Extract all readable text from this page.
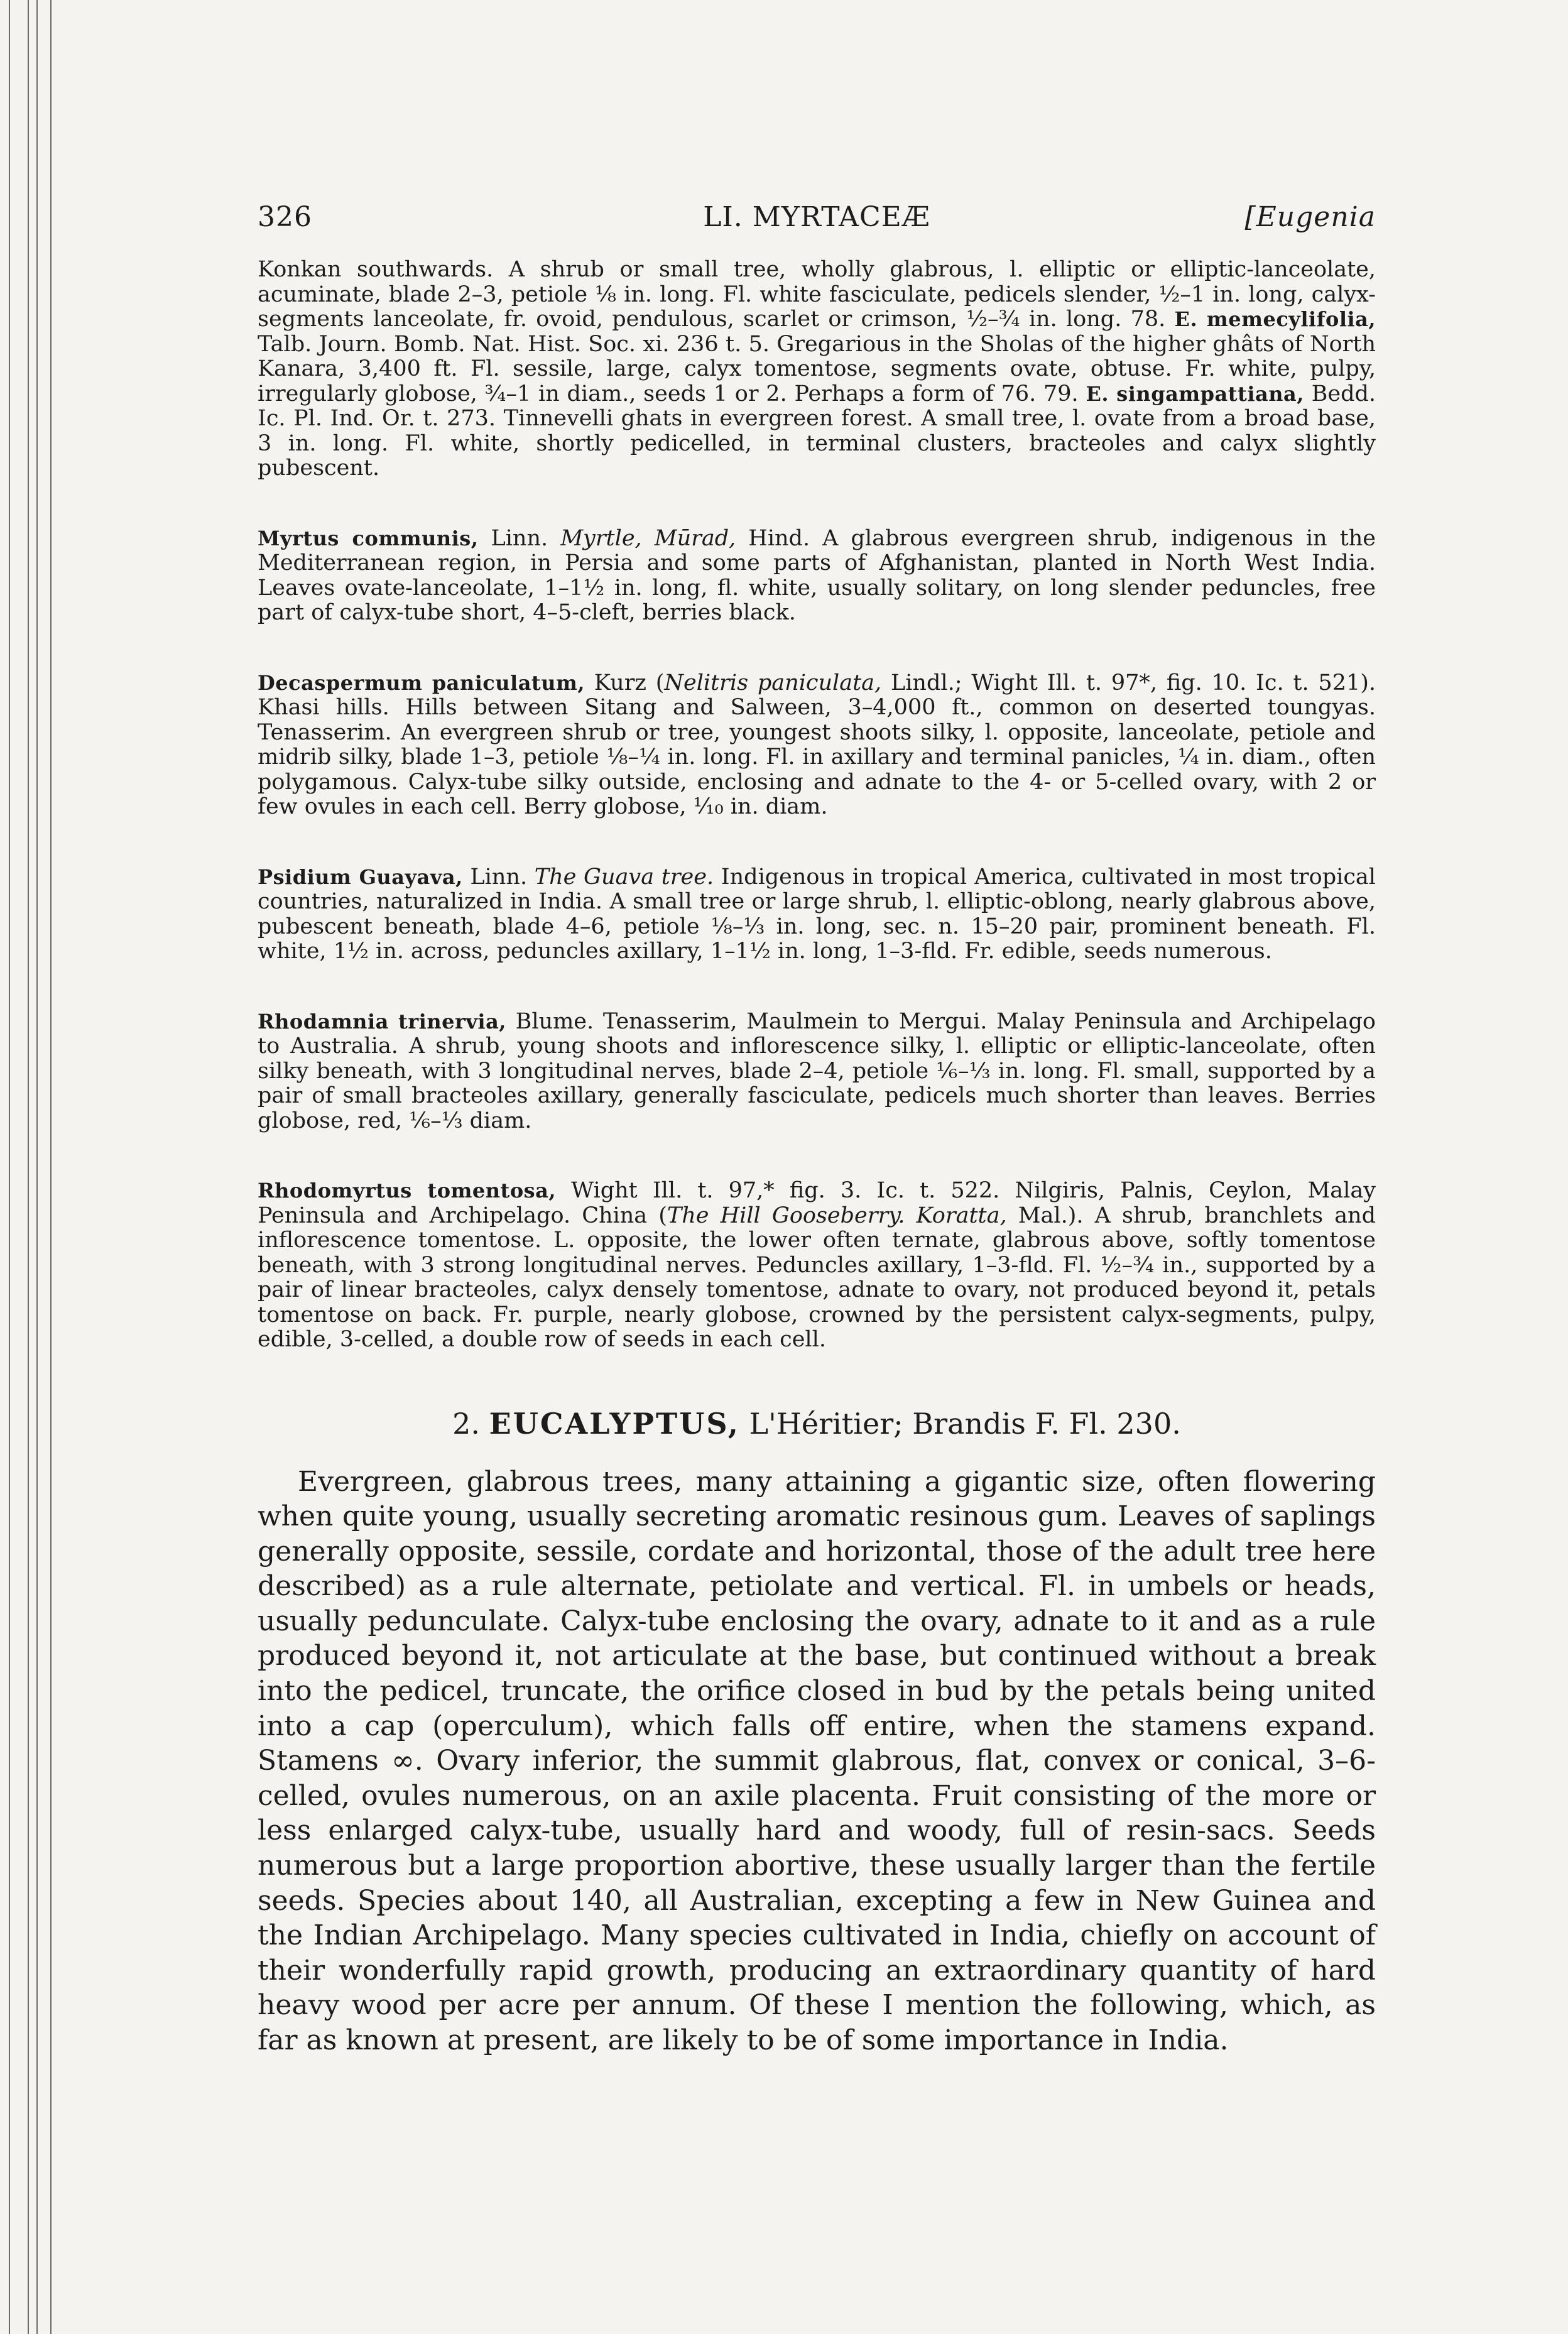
326	LI. MYRTACEÆ	[Eugenia

Konkan southwards. A shrub or small tree, wholly glabrous, l. elliptic or elliptic-lanceolate, acuminate, blade 2–3, petiole ⅛ in. long. Fl. white fasciculate, pedicels slender, ½–1 in. long, calyx-segments lanceolate, fr. ovoid, pendulous, scarlet or crimson, ½–¾ in. long. 78. E. memecylifolia, Talb. Journ. Bomb. Nat. Hist. Soc. xi. 236 t. 5. Gregarious in the Sholas of the higher ghâts of North Kanara, 3,400 ft. Fl. sessile, large, calyx tomentose, segments ovate, obtuse. Fr. white, pulpy, irregularly globose, ¾–1 in diam., seeds 1 or 2. Perhaps a form of 76. 79. E. singampattiana, Bedd. Ic. Pl. Ind. Or. t. 273. Tinnevelli ghats in evergreen forest. A small tree, l. ovate from a broad base, 3 in. long. Fl. white, shortly pedicelled, in terminal clusters, bracteoles and calyx slightly pubescent.

Myrtus communis, Linn. Myrtle, Mūrad, Hind. A glabrous evergreen shrub, indigenous in the Mediterranean region, in Persia and some parts of Afghanistan, planted in North West India. Leaves ovate-lanceolate, 1–1½ in. long, fl. white, usually solitary, on long slender peduncles, free part of calyx-tube short, 4–5-cleft, berries black.

Decaspermum paniculatum, Kurz (Nelitris paniculata, Lindl.; Wight Ill. t. 97*, fig. 10. Ic. t. 521). Khasi hills. Hills between Sitang and Salween, 3–4,000 ft., common on deserted toungyas. Tenasserim. An evergreen shrub or tree, youngest shoots silky, l. opposite, lanceolate, petiole and midrib silky, blade 1–3, petiole ⅛–¼ in. long. Fl. in axillary and terminal panicles, ¼ in. diam., often polygamous. Calyx-tube silky outside, enclosing and adnate to the 4- or 5-celled ovary, with 2 or few ovules in each cell. Berry globose, ¹⁄₁₀ in. diam.

Psidium Guayava, Linn. The Guava tree. Indigenous in tropical America, cultivated in most tropical countries, naturalized in India. A small tree or large shrub, l. elliptic-oblong, nearly glabrous above, pubescent beneath, blade 4–6, petiole ⅛–⅓ in. long, sec. n. 15–20 pair, prominent beneath. Fl. white, 1½ in. across, peduncles axillary, 1–1½ in. long, 1–3-fld. Fr. edible, seeds numerous.

Rhodamnia trinervia, Blume. Tenasserim, Maulmein to Mergui. Malay Peninsula and Archipelago to Australia. A shrub, young shoots and inflorescence silky, l. elliptic or elliptic-lanceolate, often silky beneath, with 3 longitudinal nerves, blade 2–4, petiole ⅙–⅓ in. long. Fl. small, supported by a pair of small bracteoles axillary, generally fasciculate, pedicels much shorter than leaves. Berries globose, red, ⅙–⅓ diam.

Rhodomyrtus tomentosa, Wight Ill. t. 97,* fig. 3. Ic. t. 522. Nilgiris, Palnis, Ceylon, Malay Peninsula and Archipelago. China (The Hill Gooseberry. Koratta, Mal.). A shrub, branchlets and inflorescence tomentose. L. opposite, the lower often ternate, glabrous above, softly tomentose beneath, with 3 strong longitudinal nerves. Peduncles axillary, 1–3-fld. Fl. ½–¾ in., supported by a pair of linear bracteoles, calyx densely tomentose, adnate to ovary, not produced beyond it, petals tomentose on back. Fr. purple, nearly globose, crowned by the persistent calyx-segments, pulpy, edible, 3-celled, a double row of seeds in each cell.

2. EUCALYPTUS, L'Héritier; Brandis F. Fl. 230.

Evergreen, glabrous trees, many attaining a gigantic size, often flowering when quite young, usually secreting aromatic resinous gum. Leaves of saplings generally opposite, sessile, cordate and horizontal, those of the adult tree here described) as a rule alternate, petiolate and vertical. Fl. in umbels or heads, usually pedunculate. Calyx-tube enclosing the ovary, adnate to it and as a rule produced beyond it, not articulate at the base, but continued without a break into the pedicel, truncate, the orifice closed in bud by the petals being united into a cap (operculum), which falls off entire, when the stamens expand. Stamens ∞. Ovary inferior, the summit glabrous, flat, convex or conical, 3–6-celled, ovules numerous, on an axile placenta. Fruit consisting of the more or less enlarged calyx-tube, usually hard and woody, full of resin-sacs. Seeds numerous but a large proportion abortive, these usually larger than the fertile seeds. Species about 140, all Australian, excepting a few in New Guinea and the Indian Archipelago. Many species cultivated in India, chiefly on account of their wonderfully rapid growth, producing an extraordinary quantity of hard heavy wood per acre per annum. Of these I mention the following, which, as far as known at present, are likely to be of some importance in India.
